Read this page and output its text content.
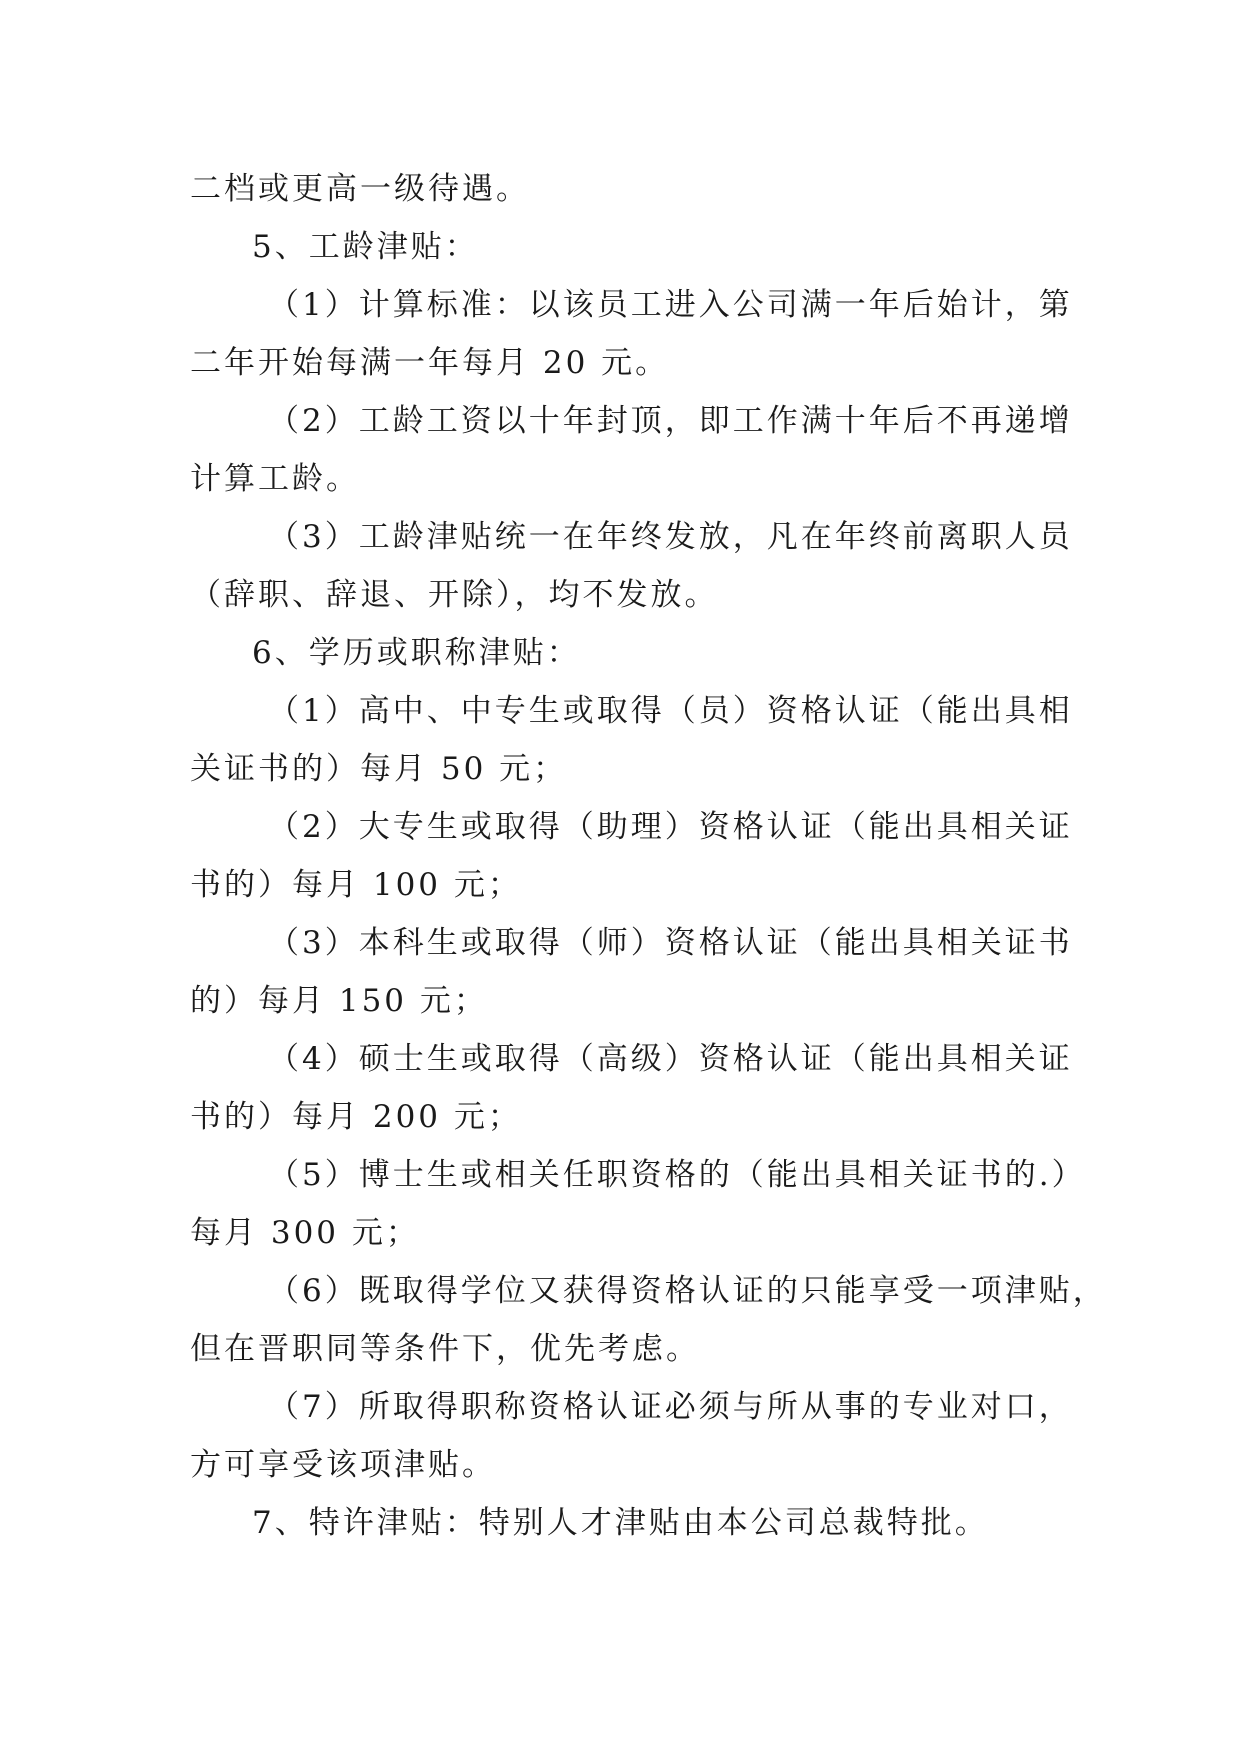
二档或更高一级待遇。
5、工龄津贴：
（1）计算标准：以该员工进入公司满一年后始计，第
二年开始每满一年每月 20 元。
（2）工龄工资以十年封顶，即工作满十年后不再递增
计算工龄。
（3）工龄津贴统一在年终发放，凡在年终前离职人员
（辞职、辞退、开除），均不发放。
6、学历或职称津贴：
（1）高中、中专生或取得（员）资格认证（能出具相
关证书的）每月 50 元；
（2）大专生或取得（助理）资格认证（能出具相关证
书的）每月 100 元；
（3）本科生或取得（师）资格认证（能出具相关证书
的）每月 150 元；
（4）硕士生或取得（高级）资格认证（能出具相关证
书的）每月 200 元；
（5）博士生或相关任职资格的（能出具相关证书的.）
每月 300 元；
（6）既取得学位又获得资格认证的只能享受一项津贴，
但在晋职同等条件下，优先考虑。
（7）所取得职称资格认证必须与所从事的专业对口，
方可享受该项津贴。
7、特许津贴：特别人才津贴由本公司总裁特批。
